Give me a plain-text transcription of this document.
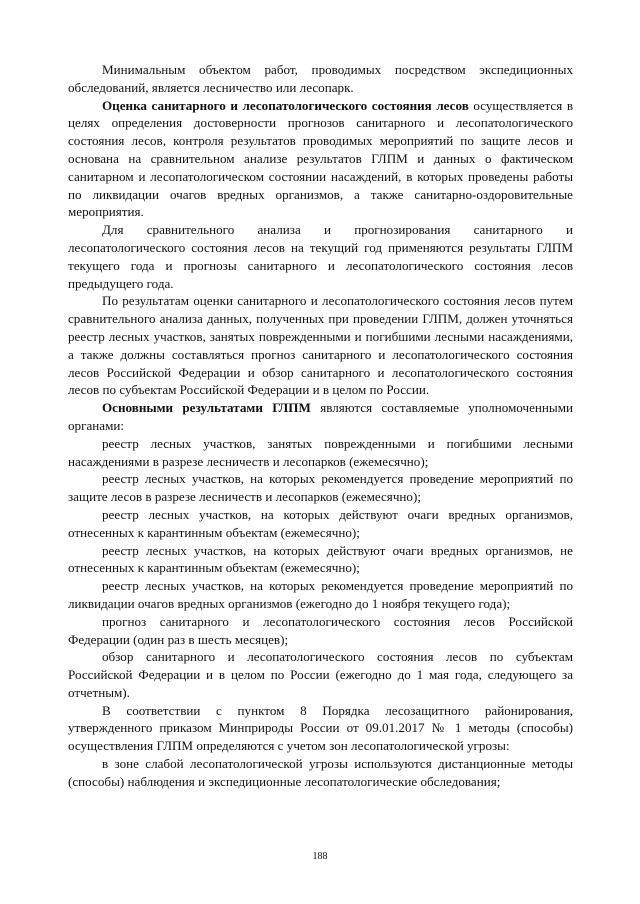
Минимальным объектом работ, проводимых посредством экспедиционных обследований, является лесничество или лесопарк.

Оценка санитарного и лесопатологического состояния лесов осуществляется в целях определения достоверности прогнозов санитарного и лесопатологического состояния лесов, контроля результатов проводимых мероприятий по защите лесов и основана на сравнительном анализе результатов ГЛПМ и данных о фактическом санитарном и лесопатологическом состоянии насаждений, в которых проведены работы по ликвидации очагов вредных организмов, а также санитарно-оздоровительные мероприятия.

Для сравнительного анализа и прогнозирования санитарного и лесопатологического состояния лесов на текущий год применяются результаты ГЛПМ текущего года и прогнозы санитарного и лесопатологического состояния лесов предыдущего года.

По результатам оценки санитарного и лесопатологического состояния лесов путем сравнительного анализа данных, полученных при проведении ГЛПМ, должен уточняться реестр лесных участков, занятых поврежденными и погибшими лесными насаждениями, а также должны составляться прогноз санитарного и лесопатологического состояния лесов Российской Федерации и обзор санитарного и лесопатологического состояния лесов по субъектам Российской Федерации и в целом по России.

Основными результатами ГЛПМ являются составляемые уполномоченными органами:

реестр лесных участков, занятых поврежденными и погибшими лесными насаждениями в разрезе лесничеств и лесопарков (ежемесячно);

реестр лесных участков, на которых рекомендуется проведение мероприятий по защите лесов в разрезе лесничеств и лесопарков (ежемесячно);

реестр лесных участков, на которых действуют очаги вредных организмов, отнесенных к карантинным объектам (ежемесячно);

реестр лесных участков, на которых действуют очаги вредных организмов, не отнесенных к карантинным объектам (ежемесячно);

реестр лесных участков, на которых рекомендуется проведение мероприятий по ликвидации очагов вредных организмов (ежегодно до 1 ноября текущего года);

прогноз санитарного и лесопатологического состояния лесов Российской Федерации (один раз в шесть месяцев);

обзор санитарного и лесопатологического состояния лесов по субъектам Российской Федерации и в целом по России (ежегодно до 1 мая года, следующего за отчетным).

В соответствии с пунктом 8 Порядка лесозащитного районирования, утвержденного приказом Минприроды России от 09.01.2017 № 1 методы (способы) осуществления ГЛПМ определяются с учетом зон лесопатологической угрозы:

в зоне слабой лесопатологической угрозы используются дистанционные методы (способы) наблюдения и экспедиционные лесопатологические обследования;

188
